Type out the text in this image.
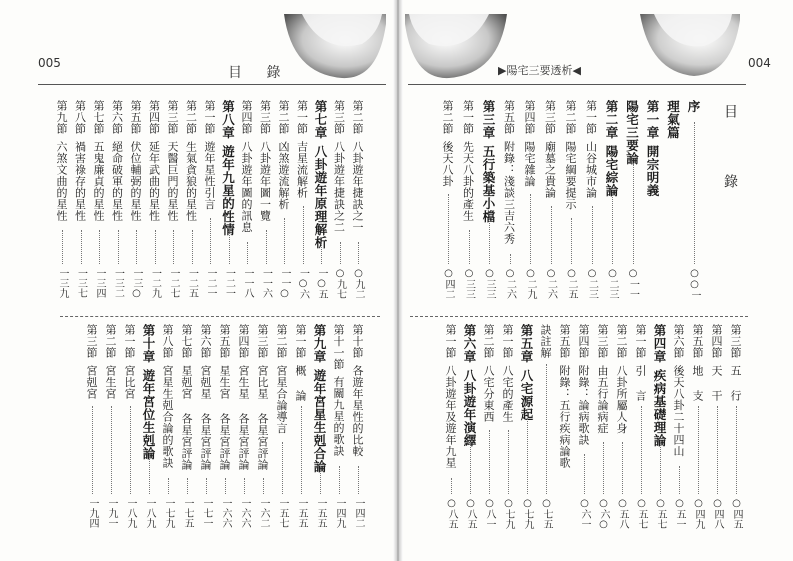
005
目 錄
004
▶陽宅三要透析◀
目 錄
第二節八卦遊年捷訣之一
○九二
第三節八卦遊年捷訣之二
○九七
第七章八卦遊年原理解析
一○五
第一節吉星流解析
一○六
第二節凶煞遊流解析
一一○
第三節八卦遊年圖一覽
一一六
第四節八卦遊年圖的訊息
一一八
第八章遊年九星的性情
一二一
第一節遊年星性引言
一二一
第二節生氣貪狼的星性
一二五
第三節天醫巨門的星性
一二七
第四節延年武曲的星性
一二九
第五節伏位輔弼的星性
一三○
第六節絕命破軍的星性
一三二
第七節五鬼廉貞的星性
一三四
第八節禍害祿存的星性
一三七
第九節六煞文曲的星性
一三九
第十節各遊年星性的比較
一四二
第十一節有關九星的歌訣
一四九
第九章遊年宮星生剋合論
一五五
第一節概 論
一五五
第二節宮星合論導言
一五七
第三節宮比星 各星宮評論
一六二
第四節宮生星 各星宮評論
一六六
第五節星生宮 各星宮評論
一六六
第六節宮剋星 各星宮評論
一七一
第七節星剋宮 各星宮評論
一七五
第八節宮星生剋合論的歌訣
一七九
第十章遊年宮位生剋論
一八九
第一節宮比宮
一八九
第二節宮生宮
一九一
第三節宮剋宮
一九四
序
○○一
理氣篇
第一章開宗明義
陽宅三要論
○一一
第二章陽宅綜論
○二三
第一節山谷城市論
○二三
第二節陽宅綱要提示
○二五
第三節廟墓之貴論
○二六
第四節陽宅雜論
○二九
第五節附錄：淺談三吉六秀
○二六
第三章五行築基小檔
○三三
第一節先天八卦的產生
○三三
第二節後天八卦
○四二
第三節五 行
○四五
第四節天 干
○四八
第五節地 支
○四九
第六節後天八卦二十四山
○五一
第四章疾病基礎理論
○五七
第一節引 言
○五七
第二節八卦所屬人身
○五八
第三節由五行論病症
○六○
第四節附錄：論病歌訣
○六一
第五節附錄：五行疾病論歌
訣註解
○七五
第五章八宅源起
○七九
第一節八宅的產生
○七九
第二節八宅分東西
○八一
第六章八卦遊年演繹
○八五
第一節八卦遊年及遊年九星
○八五
